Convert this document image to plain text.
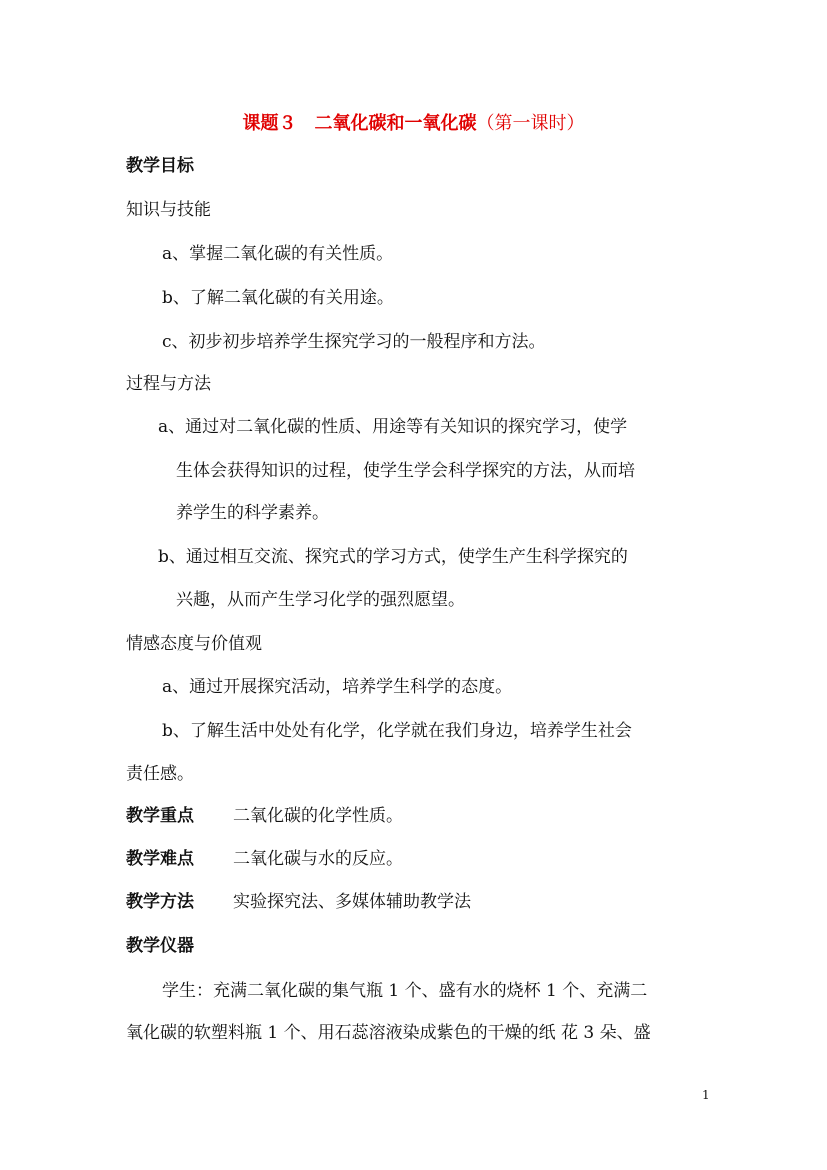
课题３　二氧化碳和一氧化碳（第一课时）
教学目标
知识与技能
a、掌握二氧化碳的有关性质。
b、了解二氧化碳的有关用途。
c、初步初步培养学生探究学习的一般程序和方法。
过程与方法
a、通过对二氧化碳的性质、用途等有关知识的探究学习，使学
生体会获得知识的过程，使学生学会科学探究的方法，从而培
养学生的科学素养。
b、通过相互交流、探究式的学习方式，使学生产生科学探究的
兴趣，从而产生学习化学的强烈愿望。
情感态度与价值观
a、通过开展探究活动，培养学生科学的态度。
b、了解生活中处处有化学，化学就在我们身边，培养学生社会
责任感。
教学重点 二氧化碳的化学性质。
教学难点 二氧化碳与水的反应。
教学方法 实验探究法、多媒体辅助教学法
教学仪器
学生：充满二氧化碳的集气瓶 1 个、盛有水的烧杯 1 个、充满二
氧化碳的软塑料瓶 1 个、用石蕊溶液染成紫色的干燥的纸 花 3 朵、盛
1
